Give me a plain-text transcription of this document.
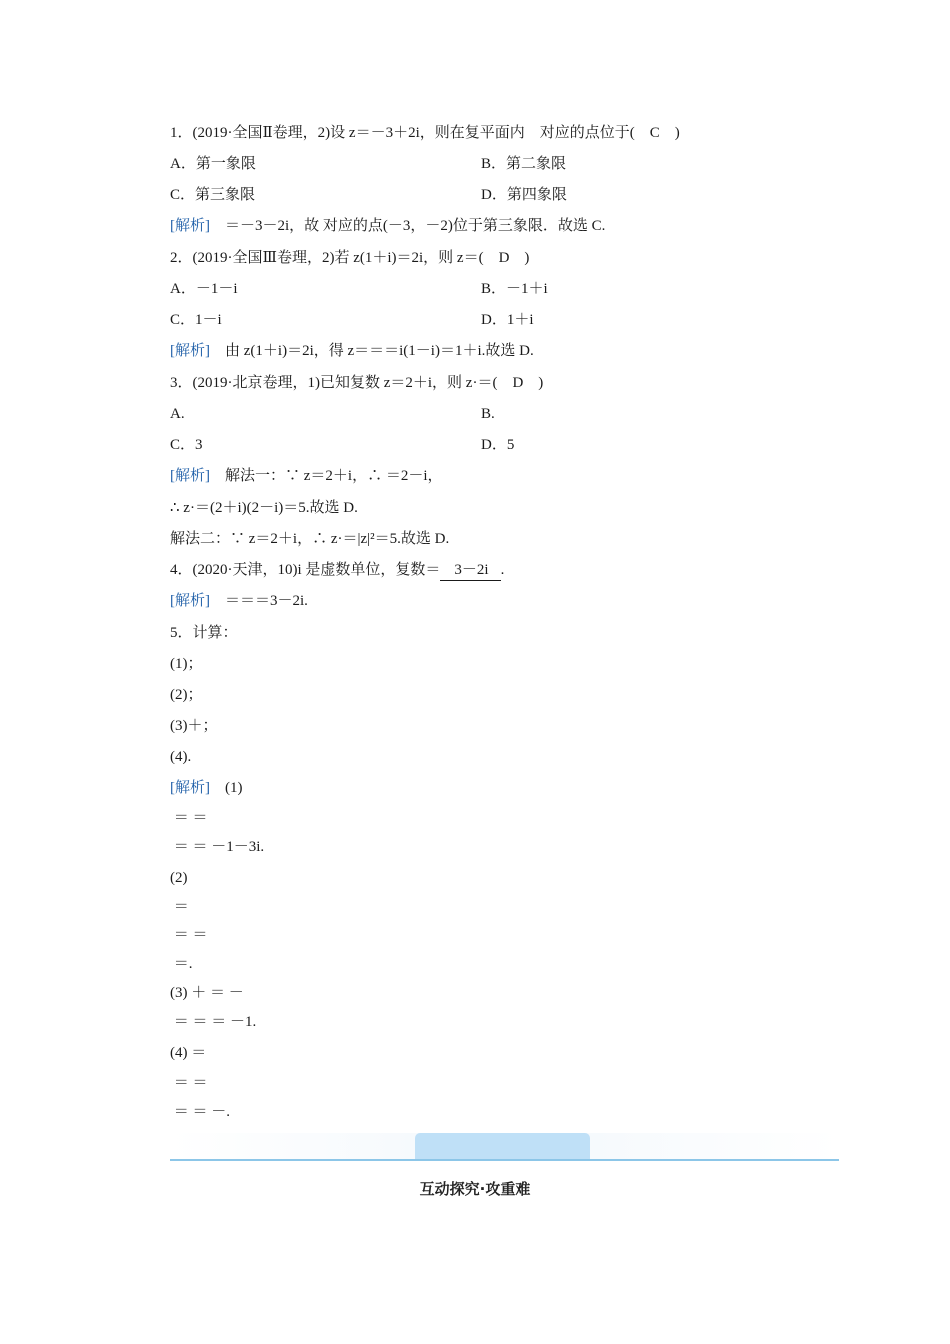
1．(2019·全国Ⅱ卷理，2)设 z＝－3＋2i，则在复平面内　对应的点位于(　C　)
A．第一象限	B．第二象限
C．第三象限	D．第四象限
[解析]　＝－3－2i，故 对应的点(－3，－2)位于第三象限．故选 C.
2．(2019·全国Ⅲ卷理，2)若 z(1＋i)＝2i，则 z＝(　D　)
A．－1－i	B．－1＋i
C．1－i	D．1＋i
[解析]　由 z(1＋i)＝2i，得 z＝＝＝i(1－i)＝1＋i.故选 D.
3．(2019·北京卷理，1)已知复数 z＝2＋i，则 z·＝(　D　)
A.	B.
C．3	D．5
[解析]　解法一：∵ z＝2＋i，∴ ＝2－i，
∴ z·＝(2＋i)(2－i)＝5.故选 D.
解法二：∵ z＝2＋i，∴ z·＝|z|²＝5.故选 D.
4．(2020·天津，10)i 是虚数单位，复数＝ 3－2i .
[解析]　＝＝＝3－2i.
5．计算：
(1)；
(2)；
(3)＋；
(4).
[解析]　(1)
＝ ＝
＝ ＝ －1－3i.
(2)
＝
＝ ＝
＝.
(3) ＋ ＝ －
＝ ＝ ＝ －1.
(4) ＝
＝ ＝
＝ ＝ －.
互动探究·攻重难
